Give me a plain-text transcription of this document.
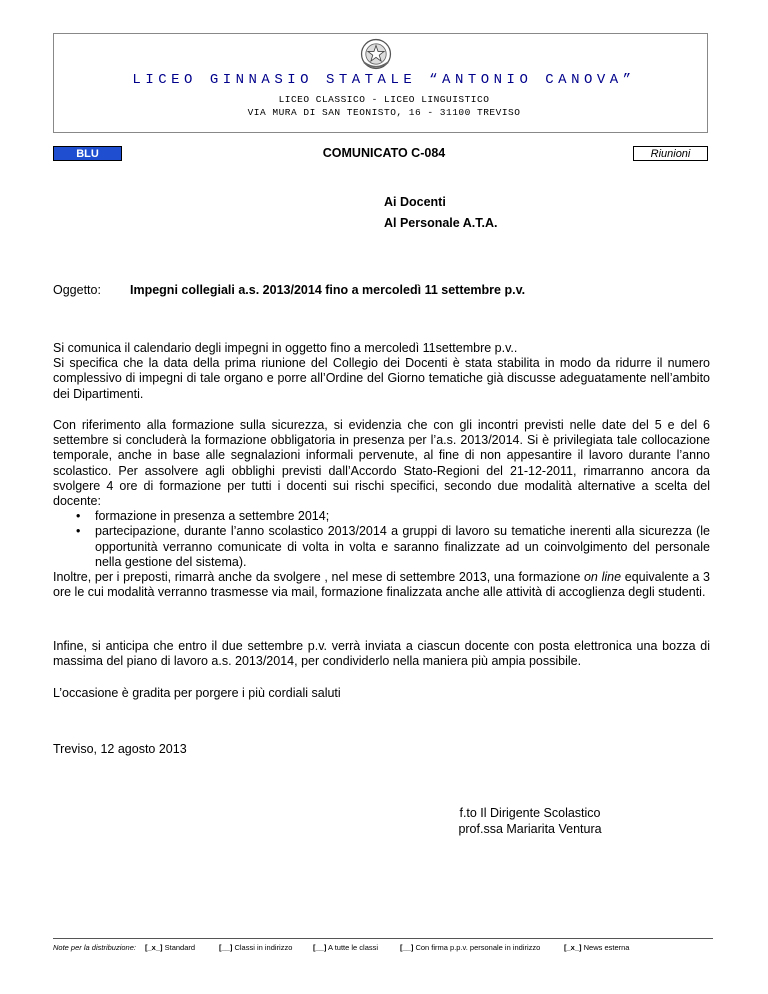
LICEO GINNASIO STATALE “ANTONIO CANOVA”
LICEO CLASSICO - LICEO LINGUISTICO
VIA MURA DI SAN TEONISTO, 16 - 31100 TREVISO
BLU	COMUNICATO C-084	Riunioni
Ai Docenti
Al Personale A.T.A.
Oggetto: Impegni collegiali a.s. 2013/2014 fino a mercoledì 11 settembre p.v.

Si comunica il calendario degli impegni in oggetto fino a mercoledì 11settembre p.v..

Si specifica che la data della prima riunione del Collegio dei Docenti è stata stabilita in modo da ridurre il numero complessivo di impegni di tale organo e porre all’Ordine del Giorno tematiche già discusse adeguatamente nell’ambito dei Dipartimenti.

Con riferimento alla formazione sulla sicurezza, si evidenzia che con gli incontri previsti nelle date del 5 e del 6 settembre si concluderà la formazione obbligatoria in presenza per l’a.s. 2013/2014. Si è privilegiata tale collocazione temporale, anche in base alle segnalazioni informali pervenute, al fine di non appesantire il lavoro durante l’anno scolastico. Per assolvere agli obblighi previsti dall’Accordo Stato-Regioni del 21-12-2011, rimarranno ancora da svolgere 4 ore di formazione per tutti i docenti sui rischi specifici, secondo due modalità alternative a scelta del docente:

• formazione in presenza a settembre 2014;
• partecipazione, durante l’anno scolastico 2013/2014 a gruppi di lavoro su tematiche inerenti alla sicurezza (le opportunità verranno comunicate di volta in volta e saranno finalizzate ad un coinvolgimento del personale nella gestione del sistema).

Inoltre, per i preposti, rimarrà anche da svolgere , nel mese di settembre 2013, una formazione on line equivalente a 3 ore le cui modalità verranno trasmesse via mail, formazione finalizzata anche alle attività di accoglienza degli studenti.

Infine, si anticipa che entro il due settembre p.v. verrà inviata a ciascun docente con posta elettronica una bozza di massima del piano di lavoro a.s. 2013/2014, per condividerlo nella maniera più ampia possibile.

L’occasione è gradita per porgere i più cordiali saluti

Treviso, 12 agosto 2013

f.to Il Dirigente Scolastico
prof.ssa Mariarita Ventura
Note per la distribuzione: [_x_] Standard	[__] Classi in indirizzo	[__] A tutte le classi	[__] Con firma p.p.v. personale in indirizzo	[_x_] News esterna
